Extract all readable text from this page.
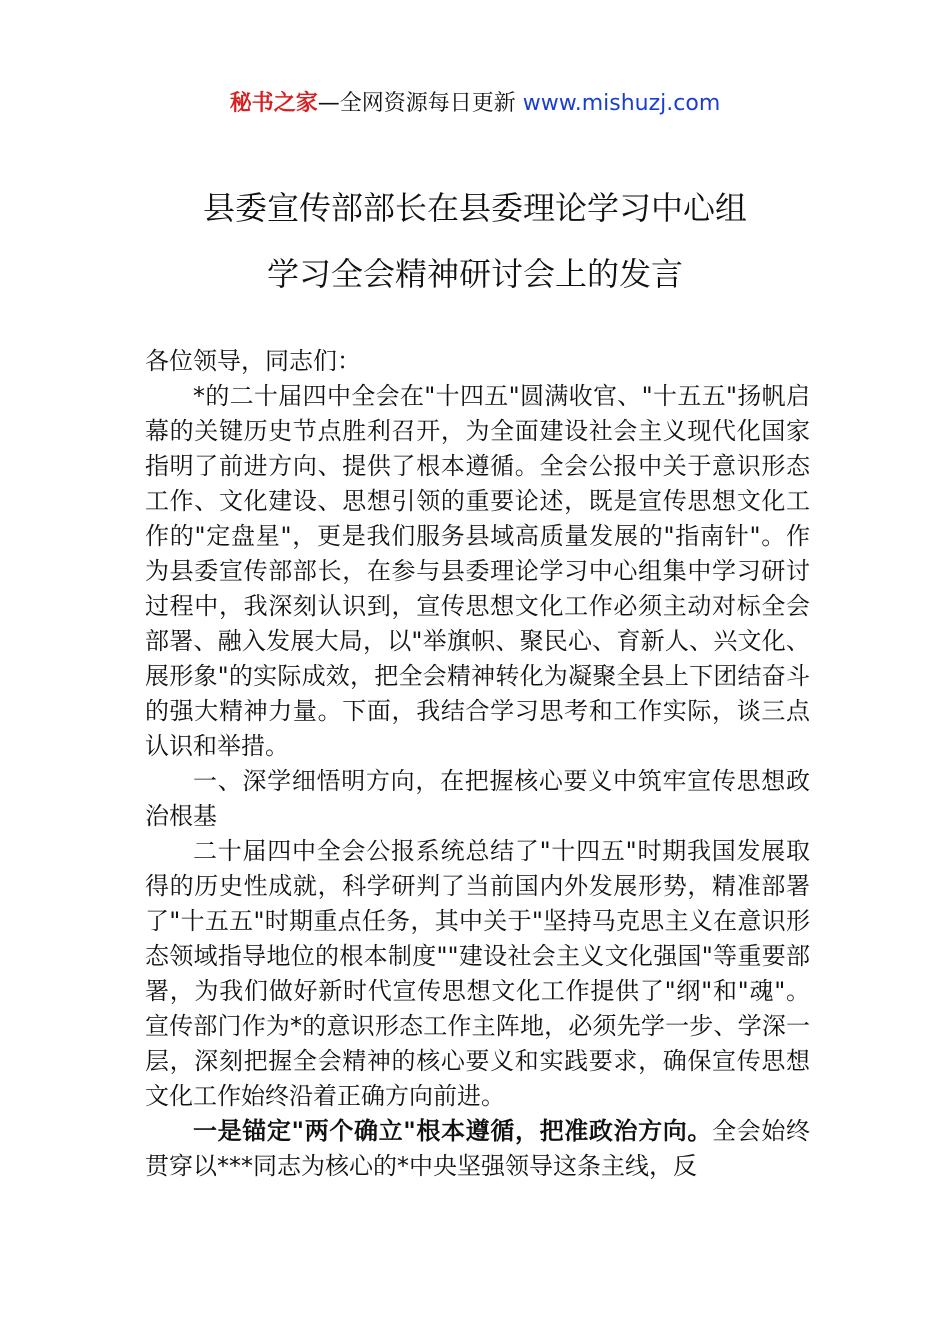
秘书之家—全网资源每日更新 www.mishuzj.com
县委宣传部部长在县委理论学习中心组
学习全会精神研讨会上的发言

各位领导，同志们：

*的二十届四中全会在"十四五"圆满收官、"十五五"扬帆启幕的关键历史节点胜利召开，为全面建设社会主义现代化国家指明了前进方向、提供了根本遵循。全会公报中关于意识形态工作、文化建设、思想引领的重要论述，既是宣传思想文化工作的"定盘星"，更是我们服务县域高质量发展的"指南针"。作为县委宣传部部长，在参与县委理论学习中心组集中学习研讨过程中，我深刻认识到，宣传思想文化工作必须主动对标全会部署、融入发展大局，以"举旗帜、聚民心、育新人、兴文化、展形象"的实际成效，把全会精神转化为凝聚全县上下团结奋斗的强大精神力量。下面，我结合学习思考和工作实际，谈三点认识和举措。

一、深学细悟明方向，在把握核心要义中筑牢宣传思想政治根基

二十届四中全会公报系统总结了"十四五"时期我国发展取得的历史性成就，科学研判了当前国内外发展形势，精准部署了"十五五"时期重点任务，其中关于"坚持马克思主义在意识形态领域指导地位的根本制度""建设社会主义文化强国"等重要部署，为我们做好新时代宣传思想文化工作提供了"纲"和"魂"。宣传部门作为*的意识形态工作主阵地，必须先学一步、学深一层，深刻把握全会精神的核心要义和实践要求，确保宣传思想文化工作始终沿着正确方向前进。

一是锚定"两个确立"根本遵循，把准政治方向。全会始终贯穿以***同志为核心的*中央坚强领导这条主线，反
